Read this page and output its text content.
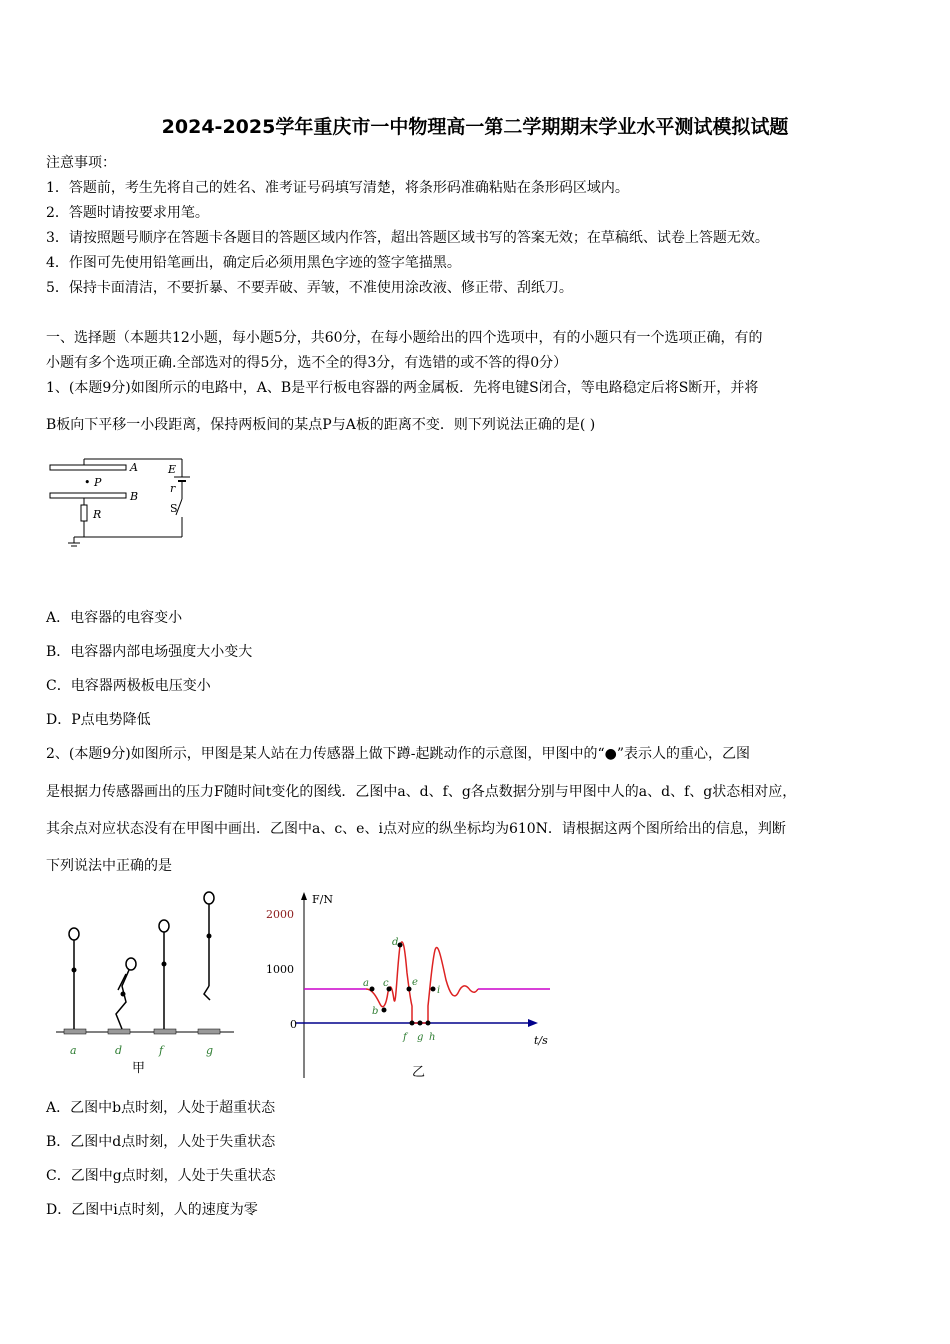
2024-2025学年重庆市一中物理高一第二学期期末学业水平测试模拟试题
注意事项：
1．答题前，考生先将自己的姓名、准考证号码填写清楚，将条形码准确粘贴在条形码区域内。
2．答题时请按要求用笔。
3．请按照题号顺序在答题卡各题目的答题区域内作答，超出答题区域书写的答案无效；在草稿纸、试卷上答题无效。
4．作图可先使用铅笔画出，确定后必须用黑色字迹的签字笔描黑。
5．保持卡面清洁，不要折暴、不要弄破、弄皱，不准使用涂改液、修正带、刮纸刀。
一、选择题（本题共12小题，每小题5分，共60分，在每小题给出的四个选项中，有的小题只有一个选项正确，有的
小题有多个选项正确.全部选对的得5分，选不全的得3分，有选错的或不答的得0分）
1、(本题9分)如图所示的电路中，A、B是平行板电容器的两金属板．先将电键S闭合，等电路稳定后将S断开，并将
B板向下平移一小段距离，保持两板间的某点P与A板的距离不变．则下列说法正确的是( )
A
B
• P
R
E
r
S
A．电容器的电容变小
B．电容器内部电场强度大小变大
C．电容器两极板电压变小
D．P点电势降低
2、(本题9分)如图所示，甲图是某人站在力传感器上做下蹲-起跳动作的示意图，甲图中的“●”表示人的重心，乙图
是根据力传感器画出的压力F随时间t变化的图线．乙图中a、d、f、g各点数据分别与甲图中人的a、d、f、g状态相对应，
其余点对应状态没有在甲图中画出．乙图中a、c、e、i点对应的纵坐标均为610N．请根据这两个图所给出的信息，判断
下列说法中正确的是
a	d	f	g
甲
F/N
t/s
2000
1000
0
a
b
c
d
e
f g h
i
乙
A．乙图中b点时刻，人处于超重状态
B．乙图中d点时刻，人处于失重状态
C．乙图中g点时刻，人处于失重状态
D．乙图中i点时刻，人的速度为零
